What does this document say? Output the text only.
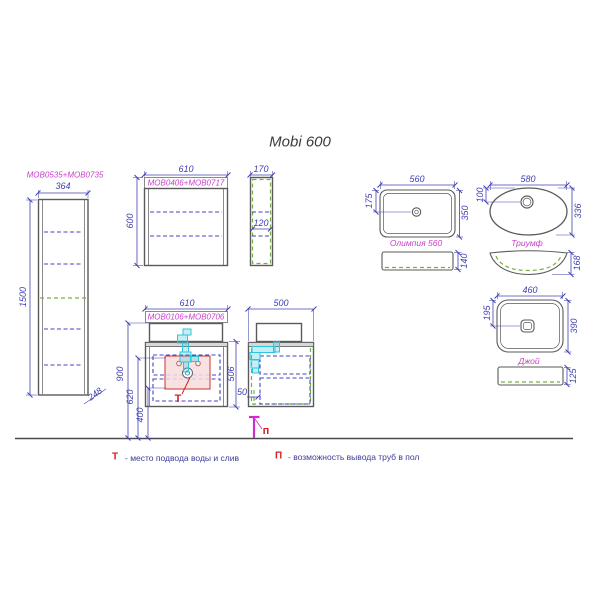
Mobi 600
MOB0535+MOB0735
364
1500
248
MOB0406+MOB0717
610
600
170
120
MOB0106+MOB0706
610
506
900
620
400
Т
500
50
п
560
175
350
Олимпия 560
140
580
100
336
Триумф
168
460
195
390
Джой
125
Т - место подвода воды и слив	П - возможность вывода труб в пол
